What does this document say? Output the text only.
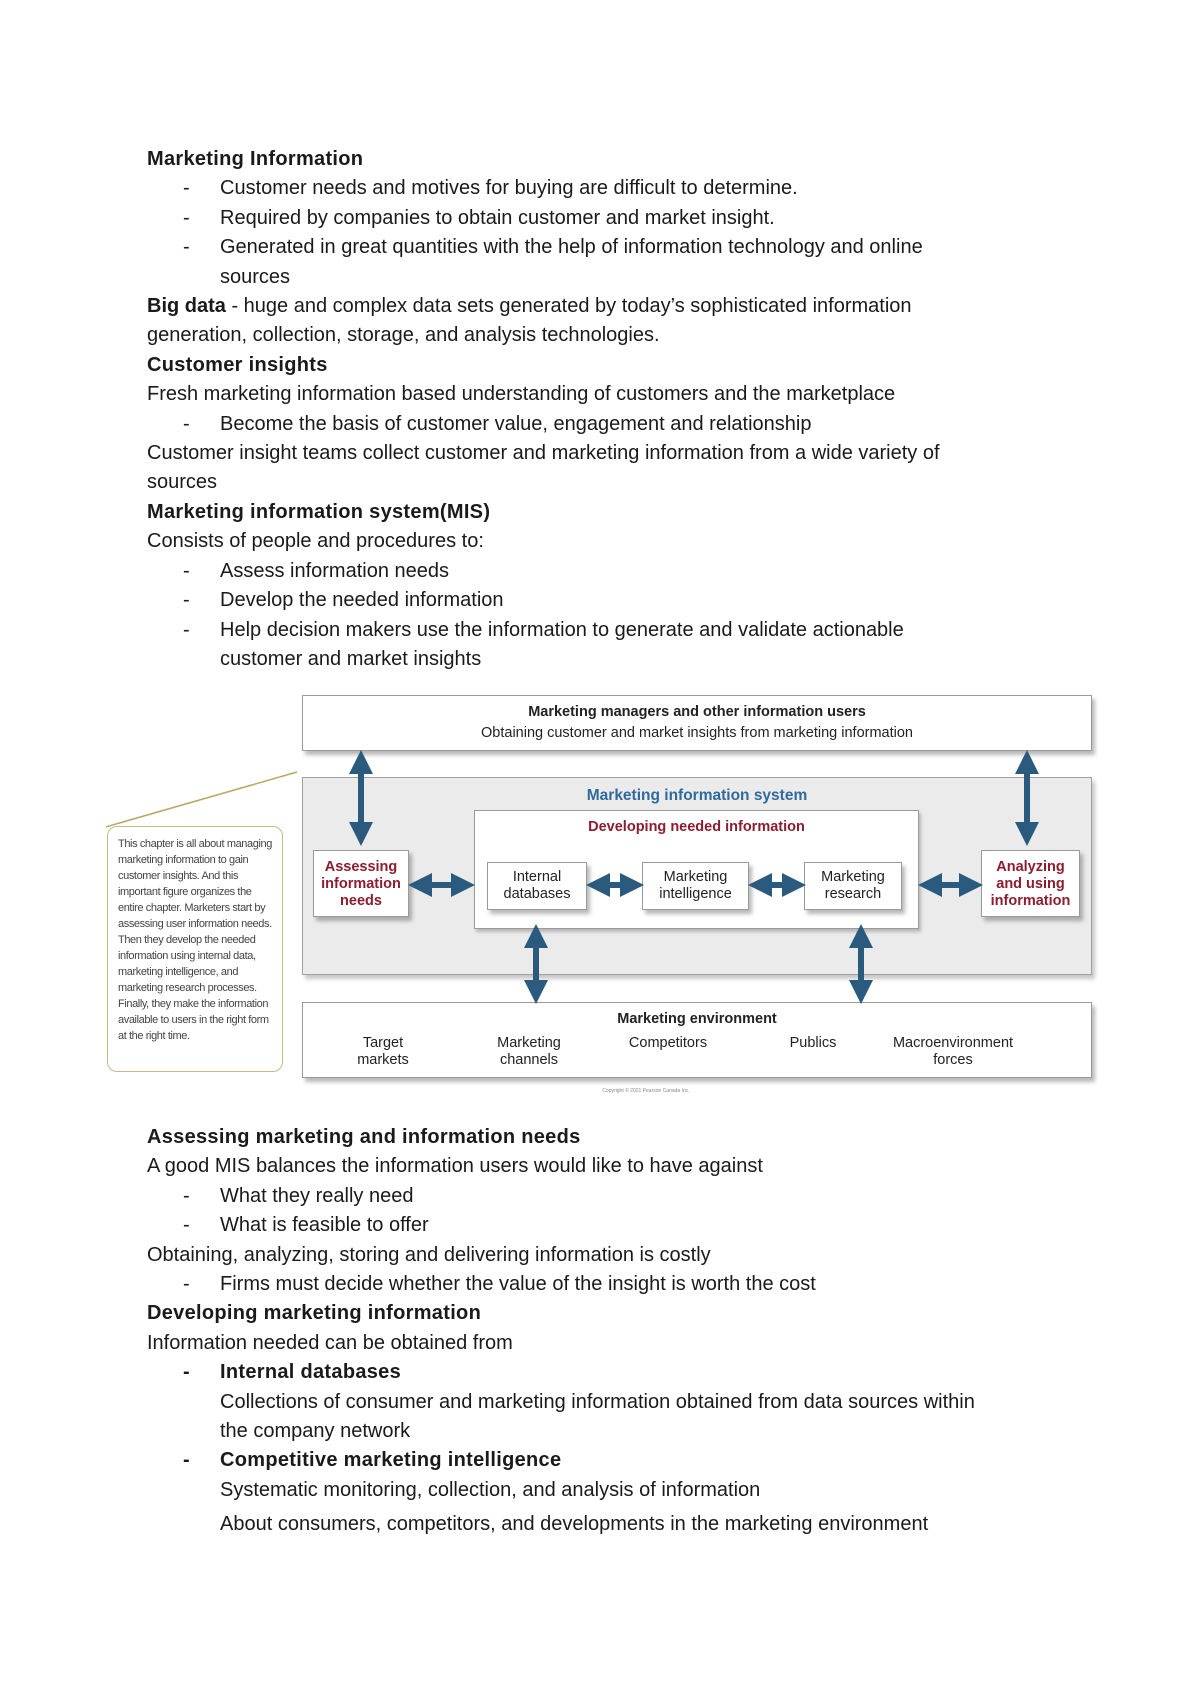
Marketing Information
- Customer needs and motives for buying are difficult to determine.
- Required by companies to obtain customer and market insight.
- Generated in great quantities with the help of information technology and online
sources
Big data - huge and complex data sets generated by today’s sophisticated information
generation, collection, storage, and analysis technologies.
Customer insights
Fresh marketing information based understanding of customers and the marketplace
- Become the basis of customer value, engagement and relationship
Customer insight teams collect customer and marketing information from a wide variety of
sources
Marketing information system(MIS)
Consists of people and procedures to:
- Assess information needs
- Develop the needed information
- Help decision makers use the information to generate and validate actionable
customer and market insights
Marketing managers and other information users
Obtaining customer and market insights from marketing information
Marketing information system
Developing needed information
Assessing information needs
Internal databases
Marketing intelligence
Marketing research
Analyzing and using information
Marketing environment
Target markets
Marketing channels
Competitors	Publics	Macroenvironment forces
This chapter is all about managing marketing information to gain customer insights. And this important figure organizes the entire chapter. Marketers start by assessing user information needs. Then they develop the needed information using internal data, marketing intelligence, and marketing research processes. Finally, they make the information available to users in the right form at the right time.
Copyright © 2021 Pearson Canada Inc.
Assessing marketing and information needs
A good MIS balances the information users would like to have against
- What they really need
- What is feasible to offer
Obtaining, analyzing, storing and delivering information is costly
- Firms must decide whether the value of the insight is worth the cost
Developing marketing information
Information needed can be obtained from
- Internal databases
Collections of consumer and marketing information obtained from data sources within
the company network
- Competitive marketing intelligence
Systematic monitoring, collection, and analysis of information
About consumers, competitors, and developments in the marketing environment
